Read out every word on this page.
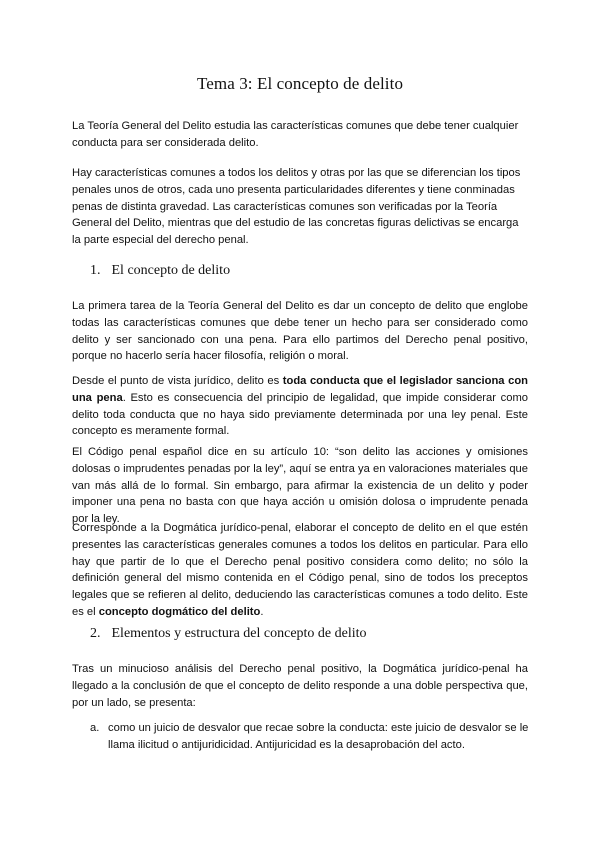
Tema 3: El concepto de delito

La Teoría General del Delito estudia las características comunes que debe tener cualquier conducta para ser considerada delito.

Hay características comunes a todos los delitos y otras por las que se diferencian los tipos penales unos de otros, cada uno presenta particularidades diferentes y tiene conminadas penas de distinta gravedad. Las características comunes son verificadas por la Teoría General del Delito, mientras que del estudio de las concretas figuras delictivas se encarga la parte especial del derecho penal.

1. El concepto de delito

La primera tarea de la Teoría General del Delito es dar un concepto de delito que englobe todas las características comunes que debe tener un hecho para ser considerado como delito y ser sancionado con una pena. Para ello partimos del Derecho penal positivo, porque no hacerlo sería hacer filosofía, religión o moral.

Desde el punto de vista jurídico, delito es toda conducta que el legislador sanciona con una pena. Esto es consecuencia del principio de legalidad, que impide considerar como delito toda conducta que no haya sido previamente determinada por una ley penal. Este concepto es meramente formal.

El Código penal español dice en su artículo 10: “son delito las acciones y omisiones dolosas o imprudentes penadas por la ley”, aquí se entra ya en valoraciones materiales que van más allá de lo formal. Sin embargo, para afirmar la existencia de un delito y poder imponer una pena no basta con que haya acción u omisión dolosa o imprudente penada por la ley.

Corresponde a la Dogmática jurídico-penal, elaborar el concepto de delito en el que estén presentes las características generales comunes a todos los delitos en particular. Para ello hay que partir de lo que el Derecho penal positivo considera como delito; no sólo la definición general del mismo contenida en el Código penal, sino de todos los preceptos legales que se refieren al delito, deduciendo las características comunes a todo delito. Este es el concepto dogmático del delito.

2. Elementos y estructura del concepto de delito

Tras un minucioso análisis del Derecho penal positivo, la Dogmática jurídico-penal ha llegado a la conclusión de que el concepto de delito responde a una doble perspectiva que, por un lado, se presenta:

a. como un juicio de desvalor que recae sobre la conducta: este juicio de desvalor se le llama ilicitud o antijuridicidad. Antijuricidad es la desaprobación del acto.
